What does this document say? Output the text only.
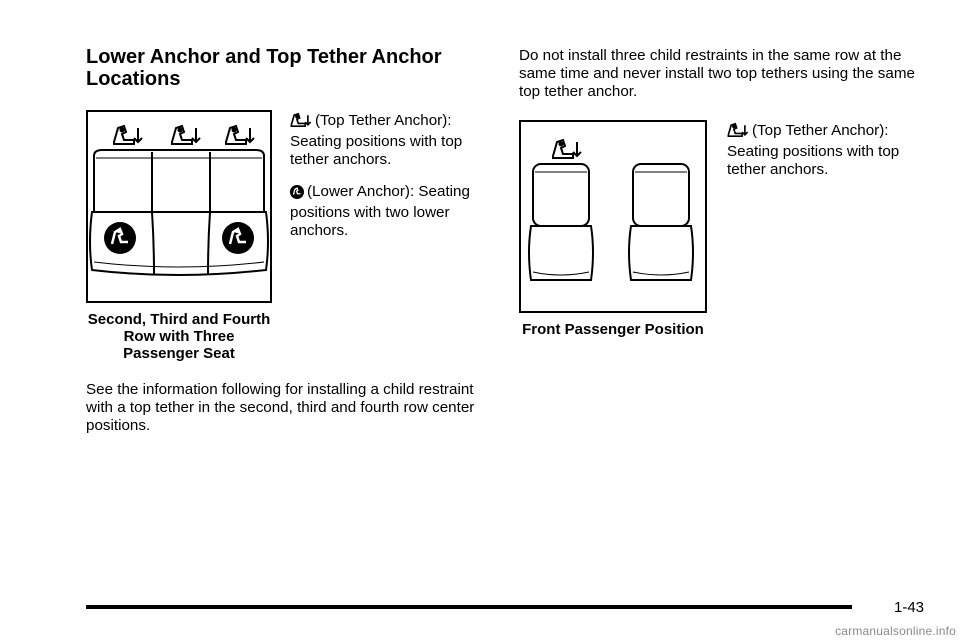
Lower Anchor and Top Tether Anchor Locations
Second, Third and Fourth Row with Three Passenger Seat
(Top Tether Anchor):
Seating positions with top tether anchors.
(Lower Anchor): Seating
positions with two lower anchors.
See the information following for installing a child restraint with a top tether in the second, third and fourth row center positions.
Do not install three child restraints in the same row at the same time and never install two top tethers using the same top tether anchor.
Front Passenger Position
(Top Tether Anchor):
Seating positions with top tether anchors.
1-43
carmanualsonline.info
